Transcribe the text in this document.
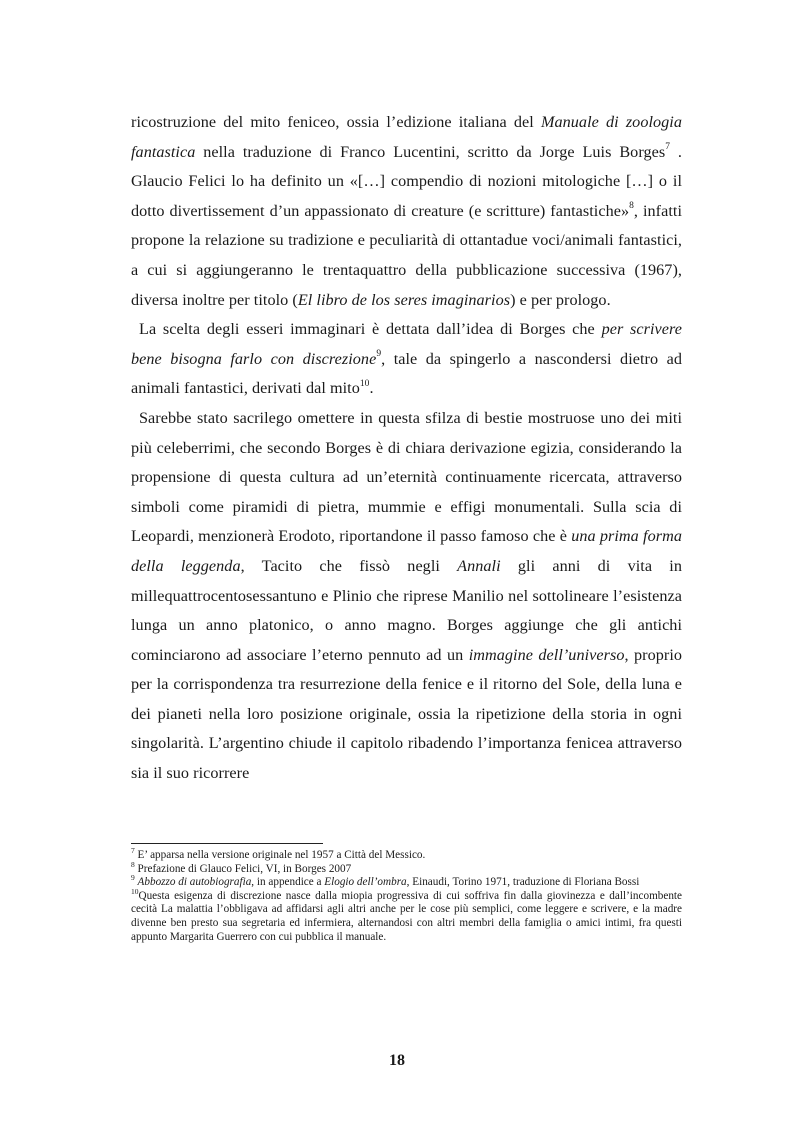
ricostruzione del mito feniceo, ossia l’edizione italiana del Manuale di zoologia fantastica nella traduzione di Franco Lucentini, scritto da Jorge Luis Borges$^7$ . Glaucio Felici lo ha definito un «[…] compendio di nozioni mitologiche […] o il dotto divertissement d’un appassionato di creature (e scritture) fantastiche»$^8$, infatti propone la relazione su tradizione e peculiarità di ottantadue voci/animali fantastici, a cui si aggiungeranno le trentaquattro della pubblicazione successiva (1967), diversa inoltre per titolo (El libro de los seres imaginarios) e per prologo.

La scelta degli esseri immaginari è dettata dall’idea di Borges che per scrivere bene bisogna farlo con discrezione$^9$, tale da spingerlo a nascondersi dietro ad animali fantastici, derivati dal mito$^{10}$.

Sarebbe stato sacrilego omettere in questa sfilza di bestie mostruose uno dei miti più celeberrimi, che secondo Borges è di chiara derivazione egizia, considerando la propensione di questa cultura ad un’eternità continuamente ricercata, attraverso simboli come piramidi di pietra, mummie e effigi monumentali. Sulla scia di Leopardi, menzionerà Erodoto, riportandone il passo famoso che è una prima forma della leggenda, Tacito che fissò negli Annali gli anni di vita in millequattrocentosessantuno e Plinio che riprese Manilio nel sottolineare l’esistenza lunga un anno platonico, o anno magno. Borges aggiunge che gli antichi cominciarono ad associare l’eterno pennuto ad un immagine dell’universo, proprio per la corrispondenza tra resurrezione della fenice e il ritorno del Sole, della luna e dei pianeti nella loro posizione originale, ossia la ripetizione della storia in ogni singolarità. L’argentino chiude il capitolo ribadendo l’importanza fenicea attraverso sia il suo ricorrere

$^7$ E’ apparsa nella versione originale nel 1957 a Città del Messico.

$^8$ Prefazione di Glauco Felici, VI, in Borges 2007

$^9$ Abbozzo di autobiografia, in appendice a Elogio dell’ombra, Einaudi, Torino 1971, traduzione di Floriana Bossi

$^{10}$Questa esigenza di discrezione nasce dalla miopia progressiva di cui soffriva fin dalla giovinezza e dall’incombente cecità La malattia l’obbligava ad affidarsi agli altri anche per le cose più semplici, come leggere e scrivere, e la madre divenne ben presto sua segretaria ed infermiera, alternandosi con altri membri della famiglia o amici intimi, fra questi appunto Margarita Guerrero con cui pubblica il manuale.

18
